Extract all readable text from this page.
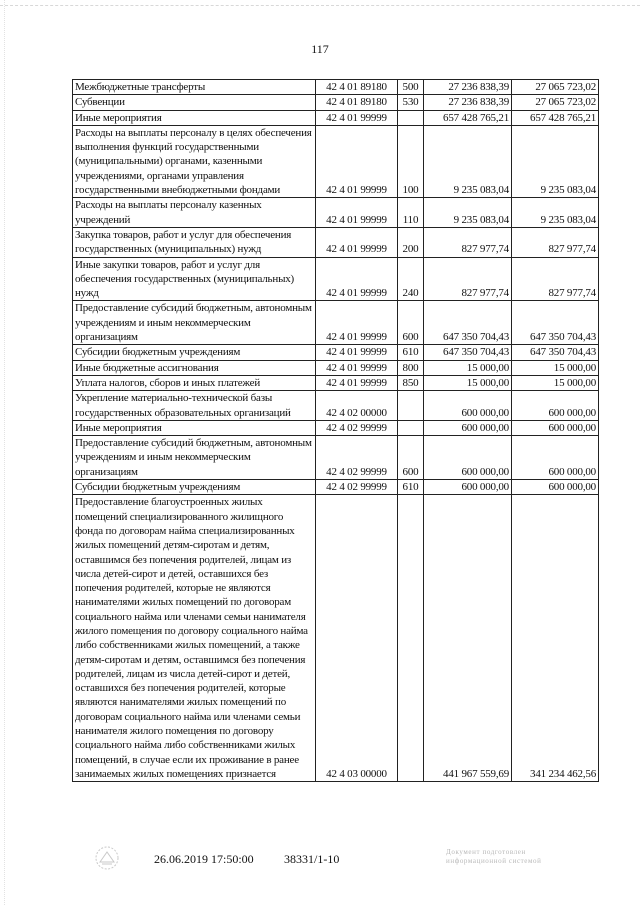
117
Межбюджетные трансферты	42 4 01 89180	500	27 236 838,39	27 065 723,02
Субвенции	42 4 01 89180	530	27 236 838,39	27 065 723,02
Иные мероприятия	42 4 01 99999		657 428 765,21	657 428 765,21
Расходы на выплаты персоналу в целях обеспечения выполнения функций государственными (муниципальными) органами, казенными учреждениями, органами управления государственными внебюджетными фондами	42 4 01 99999	100	9 235 083,04	9 235 083,04
Расходы на выплаты персоналу казенных учреждений	42 4 01 99999	110	9 235 083,04	9 235 083,04
Закупка товаров, работ и услуг для обеспечения государственных (муниципальных) нужд	42 4 01 99999	200	827 977,74	827 977,74
Иные закупки товаров, работ и услуг для обеспечения государственных (муниципальных) нужд	42 4 01 99999	240	827 977,74	827 977,74
Предоставление субсидий бюджетным, автономным учреждениям и иным некоммерческим организациям	42 4 01 99999	600	647 350 704,43	647 350 704,43
Субсидии бюджетным учреждениям	42 4 01 99999	610	647 350 704,43	647 350 704,43
Иные бюджетные ассигнования	42 4 01 99999	800	15 000,00	15 000,00
Уплата налогов, сборов и иных платежей	42 4 01 99999	850	15 000,00	15 000,00
Укрепление материально-технической базы государственных образовательных организаций	42 4 02 00000		600 000,00	600 000,00
Иные мероприятия	42 4 02 99999		600 000,00	600 000,00
Предоставление субсидий бюджетным, автономным учреждениям и иным некоммерческим организациям	42 4 02 99999	600	600 000,00	600 000,00
Субсидии бюджетным учреждениям	42 4 02 99999	610	600 000,00	600 000,00
Предоставление благоустроенных жилых помещений специализированного жилищного фонда по договорам найма специализированных жилых помещений детям-сиротам и детям, оставшимся без попечения родителей, лицам из числа детей-сирот и детей, оставшихся без попечения родителей, которые не являются нанимателями жилых помещений по договорам социального найма или членами семьи нанимателя жилого помещения по договору социального найма либо собственниками жилых помещений, а также детям-сиротам и детям, оставшимся без попечения родителей, лицам из числа детей-сирот и детей, оставшихся без попечения родителей, которые являются нанимателями жилых помещений по договорам социального найма или членами семьи нанимателя жилого помещения по договору социального найма либо собственниками жилых помещений, в случае если их проживание в ранее занимаемых жилых помещениях признается	42 4 03 00000		441 967 559,69	341 234 462,56
26.06.2019 17:50:00	38331/1-10	Документ подготовлен информационной системой
